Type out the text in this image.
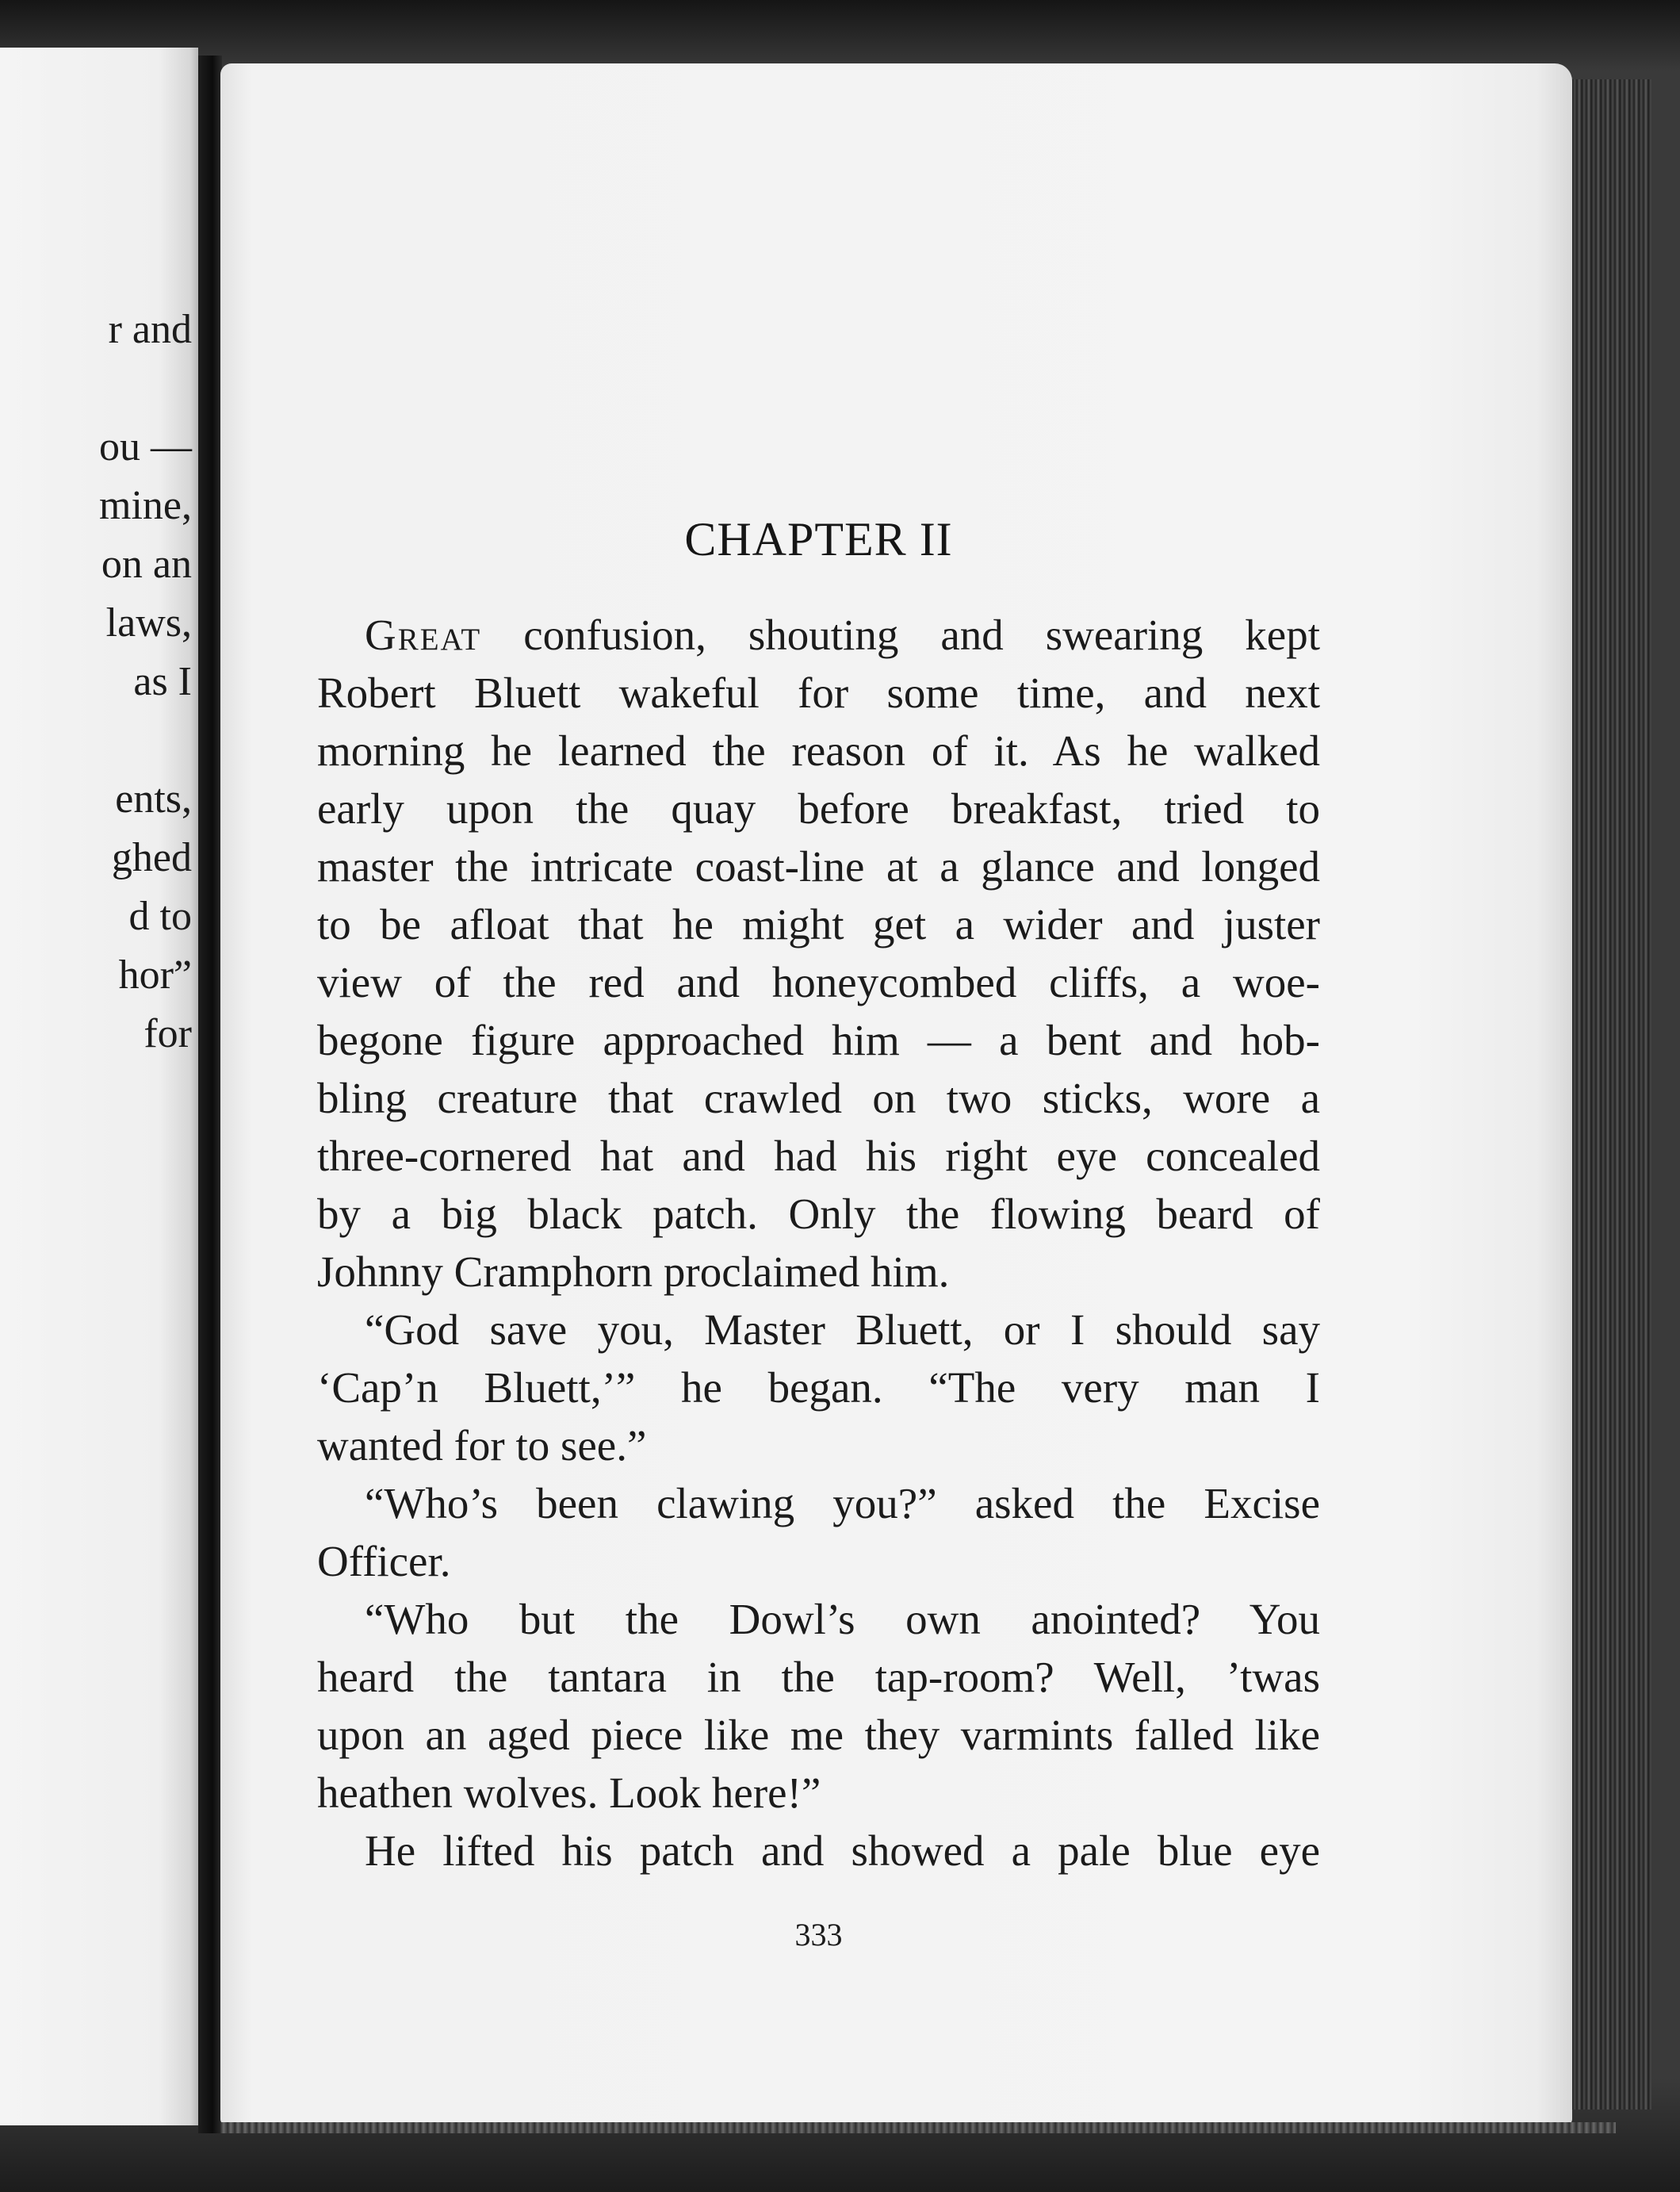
r and

ou —

mine,

on an

laws,

as I

ents,

ghed

d to

hor”

for

CHAPTER II

Great confusion, shouting and swearing kept

Robert Bluett wakeful for some time, and next

morning he learned the reason of it. As he walked

early upon the quay before breakfast, tried to

master the intricate coast-line at a glance and longed

to be afloat that he might get a wider and juster

view of the red and honeycombed cliffs, a woe-

begone figure approached him — a bent and hob-

bling creature that crawled on two sticks, wore a

three-cornered hat and had his right eye concealed

by a big black patch. Only the flowing beard of

Johnny Cramphorn proclaimed him.

“God save you, Master Bluett, or I should say

‘Cap’n Bluett,’” he began. “The very man I

wanted for to see.”

“Who’s been clawing you?” asked the Excise

Officer.

“Who but the Dowl’s own anointed? You

heard the tantara in the tap-room? Well, ’twas

upon an aged piece like me they varmints falled like

heathen wolves. Look here!”

He lifted his patch and showed a pale blue eye

333
